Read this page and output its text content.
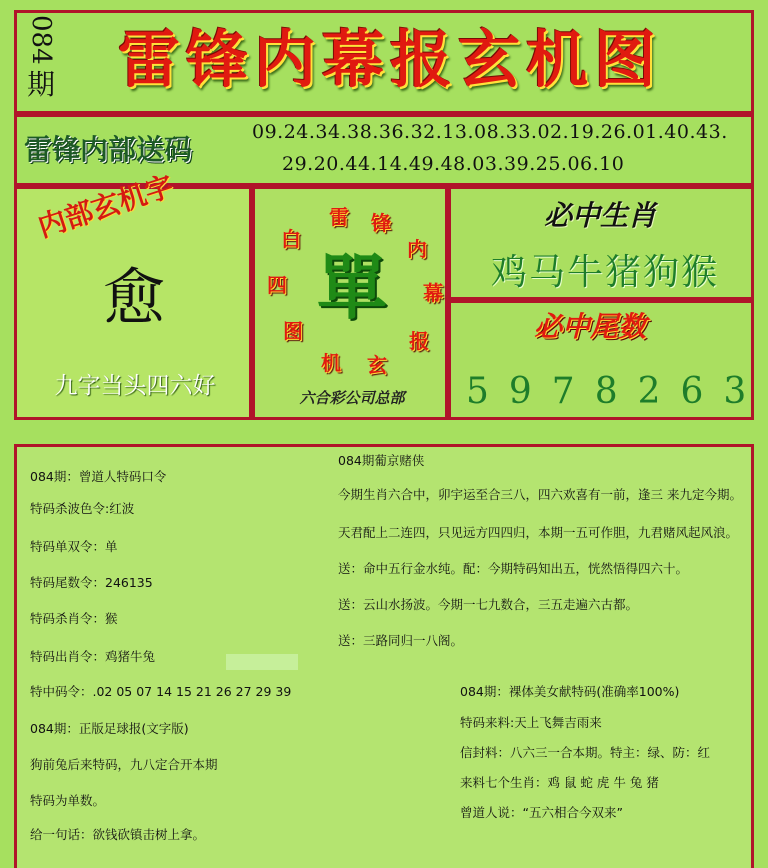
084
期	雷锋内幕报玄机图
雷锋内部送码
09.24.34.38.36.32.13.08.33.02.19.26.01.40.43.
29.20.44.14.49.48.03.39.25.06.10
内部玄机字
愈
九字当头四六好
單
雷 锋
内
幕
报
玄
机
图
四
白
六合彩公司总部
必中生肖
鸡马牛猪狗猴
必中尾数
5978263
084期：曾道人特码口令
特码杀波色令:红波
特码单双令：单
特码尾数令：246135
特码杀肖令：猴
特码出肖令：鸡猪牛兔
特中码令：.02 05 07 14 15 21 26 27 29 39
084期：正版足球报(文字版)
狗前兔后来特码，九八定合开本期
特码为单数。
给一句话：欲钱砍镇击树上拿。
084期葡京赌侠
今期生肖六合中，卯宇运至合三八，四六欢喜有一前，逢三 来九定今期。
天君配上二连四，只见远方四四归，本期一五可作胆，九君赌风起风浪。
送：命中五行金水纯。配：今期特码知出五，恍然悟得四六十。
送：云山水扬波。今期一七九数合，三五走遍六古都。
送：三路同归一八阁。
084期：裸体美女献特码(准确率100%)
特码来料:天上飞舞吉雨来
信封料：八六三一合本期。特主：绿、防：红
来料七个生肖：鸡 鼠 蛇 虎 牛 兔 猪
曾道人说：“五六相合今双来”
